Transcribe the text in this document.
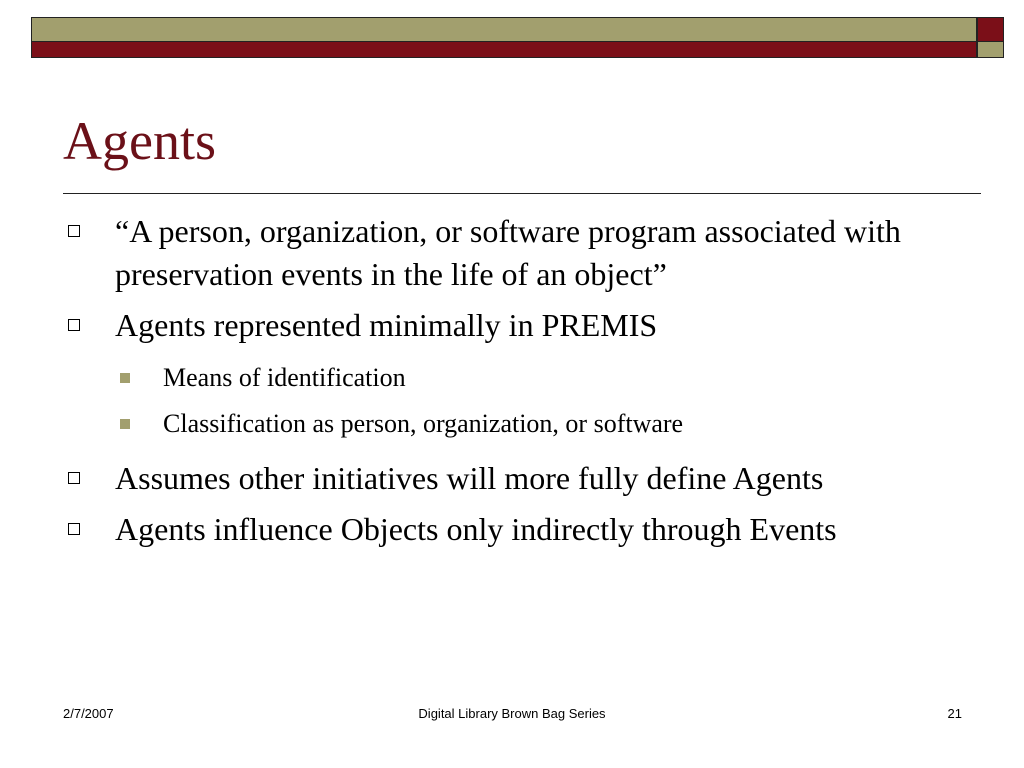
Agents
“A person, organization, or software program associated with preservation events in the life of an object”
Agents represented minimally in PREMIS
Means of identification
Classification as person, organization, or software
Assumes other initiatives will more fully define Agents
Agents influence Objects only indirectly through Events
2/7/2007	Digital Library Brown Bag Series	21
